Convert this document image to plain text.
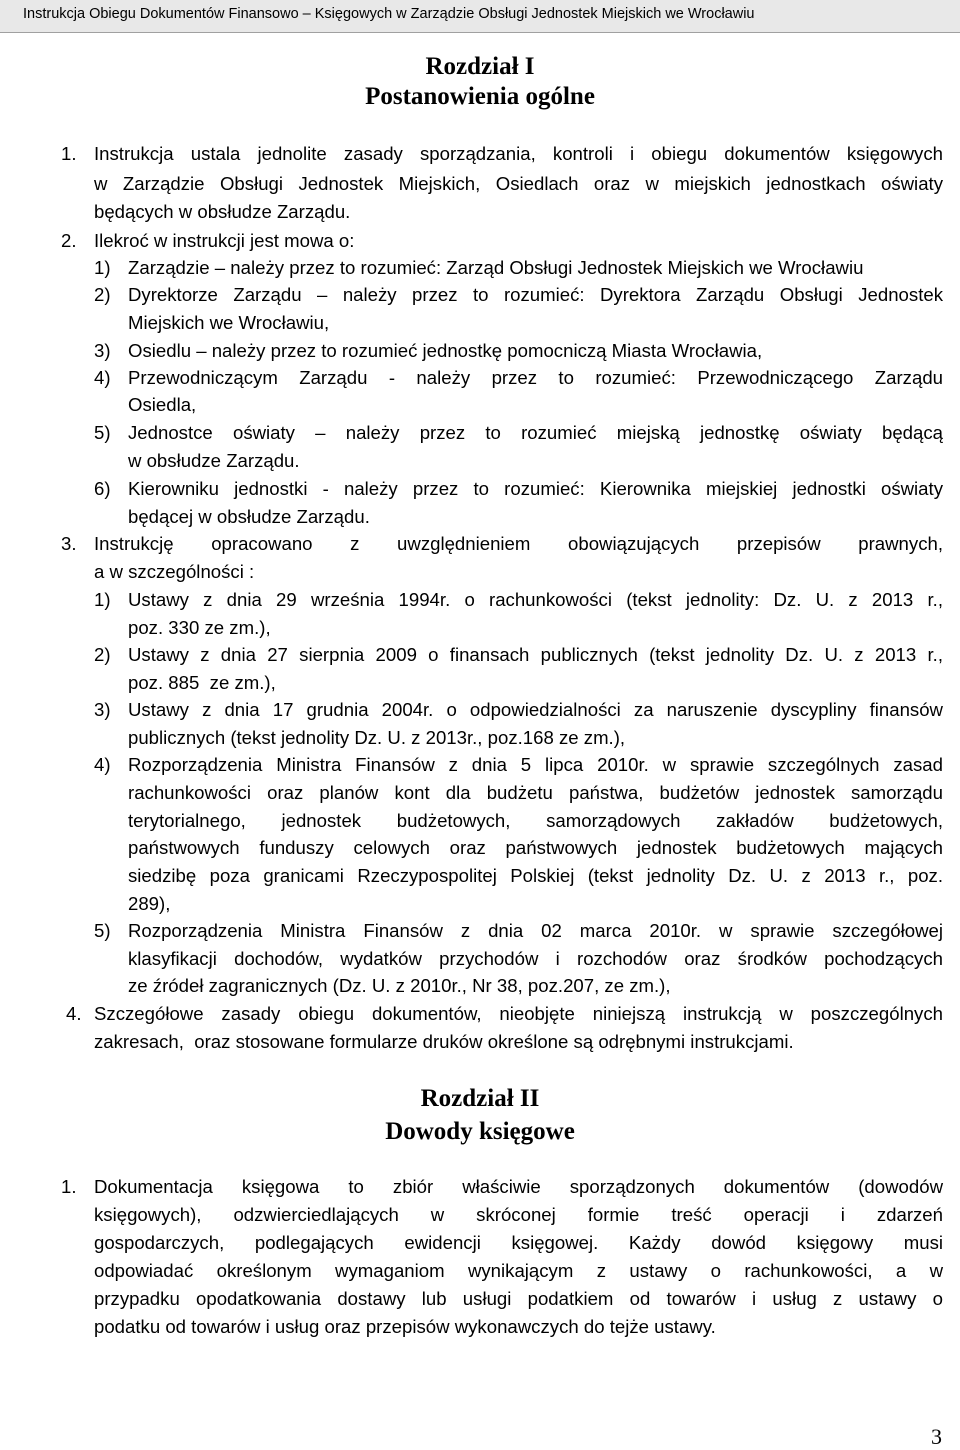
Instrukcja Obiegu Dokumentów Finansowo – Księgowych w Zarządzie Obsługi Jednostek Miejskich we Wrocławiu
Rozdział I
Postanowienia ogólne
1. Instrukcja ustala jednolite zasady sporządzania, kontroli i obiegu dokumentów księgowych
w Zarządzie Obsługi Jednostek Miejskich, Osiedlach oraz w miejskich jednostkach oświaty
będących w obsłudze Zarządu.
2. Ilekroć w instrukcji jest mowa o:
1) Zarządzie – należy przez to rozumieć: Zarząd Obsługi Jednostek Miejskich we Wrocławiu
2) Dyrektorze Zarządu – należy przez to rozumieć: Dyrektora Zarządu Obsługi Jednostek
Miejskich we Wrocławiu,
3) Osiedlu – należy przez to rozumieć jednostkę pomocniczą Miasta Wrocławia,
4) Przewodniczącym Zarządu - należy przez to rozumieć: Przewodniczącego Zarządu
Osiedla,
5) Jednostce oświaty – należy przez to rozumieć miejską jednostkę oświaty będącą
w obsłudze Zarządu.
6) Kierowniku jednostki - należy przez to rozumieć: Kierownika miejskiej jednostki oświaty
będącej w obsłudze Zarządu.
3. Instrukcję opracowano z uwzględnieniem obowiązujących przepisów prawnych,
a w szczególności :
1) Ustawy z dnia 29 września 1994r. o rachunkowości (tekst jednolity: Dz. U. z 2013 r.,
poz. 330 ze zm.),
2) Ustawy z dnia 27 sierpnia 2009 o finansach publicznych (tekst jednolity Dz. U. z 2013 r.,
poz. 885  ze zm.),
3) Ustawy z dnia 17 grudnia 2004r. o odpowiedzialności za naruszenie dyscypliny finansów
publicznych (tekst jednolity Dz. U. z 2013r., poz.168 ze zm.),
4) Rozporządzenia Ministra Finansów z dnia 5 lipca 2010r. w sprawie szczególnych zasad
rachunkowości oraz planów kont dla budżetu państwa, budżetów jednostek samorządu
terytorialnego, jednostek budżetowych, samorządowych zakładów budżetowych,
państwowych funduszy celowych oraz państwowych jednostek budżetowych mających
siedzibę poza granicami Rzeczypospolitej Polskiej (tekst jednolity Dz. U. z 2013 r., poz.
289),
5) Rozporządzenia Ministra Finansów z dnia 02 marca 2010r. w sprawie szczegółowej
klasyfikacji dochodów, wydatków przychodów i rozchodów oraz środków pochodzących
ze źródeł zagranicznych (Dz. U. z 2010r., Nr 38, poz.207, ze zm.),
4. Szczegółowe zasady obiegu dokumentów, nieobjęte niniejszą instrukcją w poszczególnych
zakresach,  oraz stosowane formularze druków określone są odrębnymi instrukcjami.
Rozdział II
Dowody księgowe
1. Dokumentacja księgowa to zbiór właściwie sporządzonych dokumentów (dowodów
księgowych), odzwierciedlających w skróconej formie treść operacji i zdarzeń
gospodarczych, podlegających ewidencji księgowej. Każdy dowód księgowy musi
odpowiadać określonym wymaganiom wynikającym z ustawy o rachunkowości, a w
przypadku opodatkowania dostawy lub usługi podatkiem od towarów i usług z ustawy o
podatku od towarów i usług oraz przepisów wykonawczych do tejże ustawy.
3
